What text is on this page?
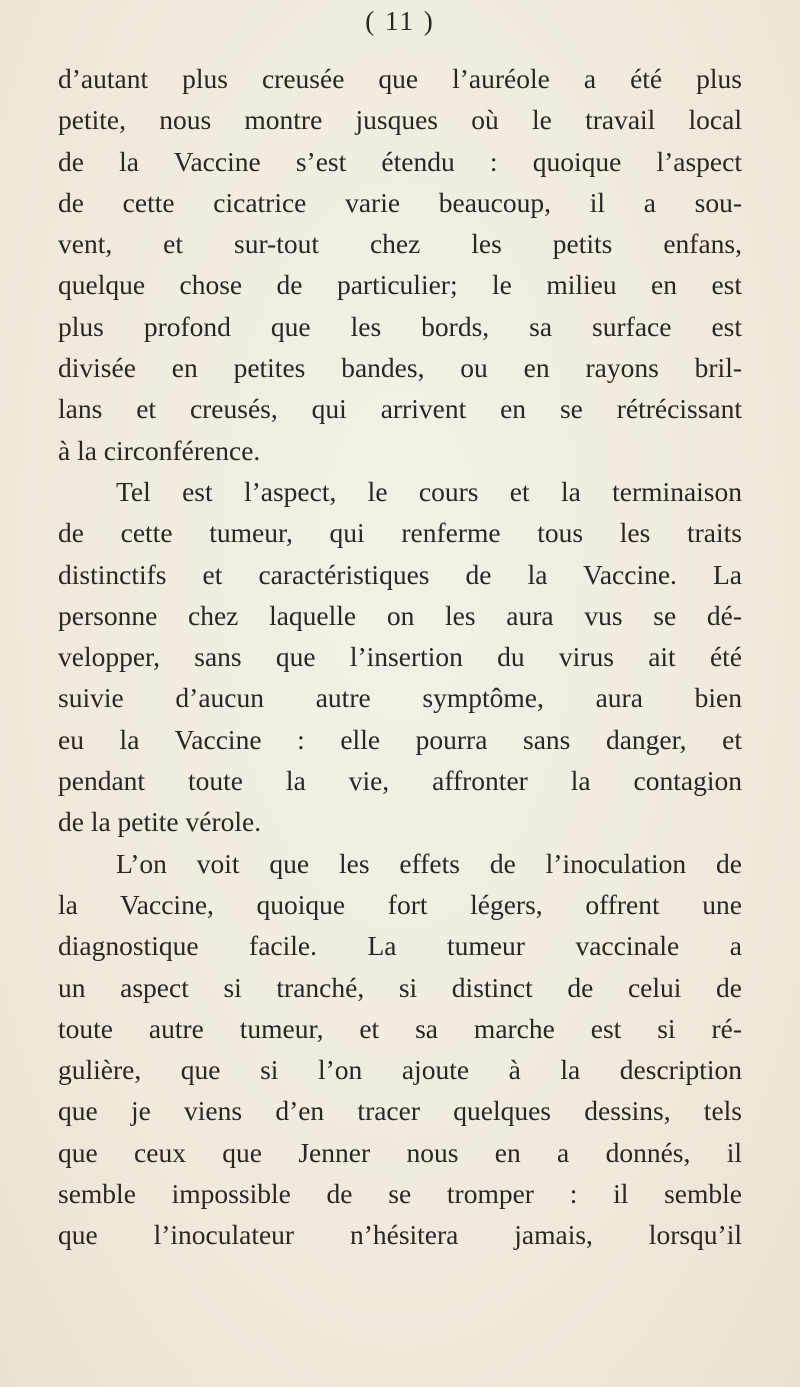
( 11 )
d’autant plus creusée que l’auréole a été plus
petite, nous montre jusques où le travail local
de la Vaccine s’est étendu : quoique l’aspect
de cette cicatrice varie beaucoup, il a sou-
vent, et sur-tout chez les petits enfans,
quelque chose de particulier; le milieu en est
plus profond que les bords, sa surface est
divisée en petites bandes, ou en rayons bril-
lans et creusés, qui arrivent en se rétrécissant
à la circonférence.
Tel est l’aspect, le cours et la terminaison
de cette tumeur, qui renferme tous les traits
distinctifs et caractéristiques de la Vaccine. La
personne chez laquelle on les aura vus se dé-
velopper, sans que l’insertion du virus ait été
suivie d’aucun autre symptôme, aura bien
eu la Vaccine : elle pourra sans danger, et
pendant toute la vie, affronter la contagion
de la petite vérole.
L’on voit que les effets de l’inoculation de
la Vaccine, quoique fort légers, offrent une
diagnostique facile. La tumeur vaccinale a
un aspect si tranché, si distinct de celui de
toute autre tumeur, et sa marche est si ré-
gulière, que si l’on ajoute à la description
que je viens d’en tracer quelques dessins, tels
que ceux que Jenner nous en a donnés, il
semble impossible de se tromper : il semble
que l’inoculateur n’hésitera jamais, lorsqu’il
